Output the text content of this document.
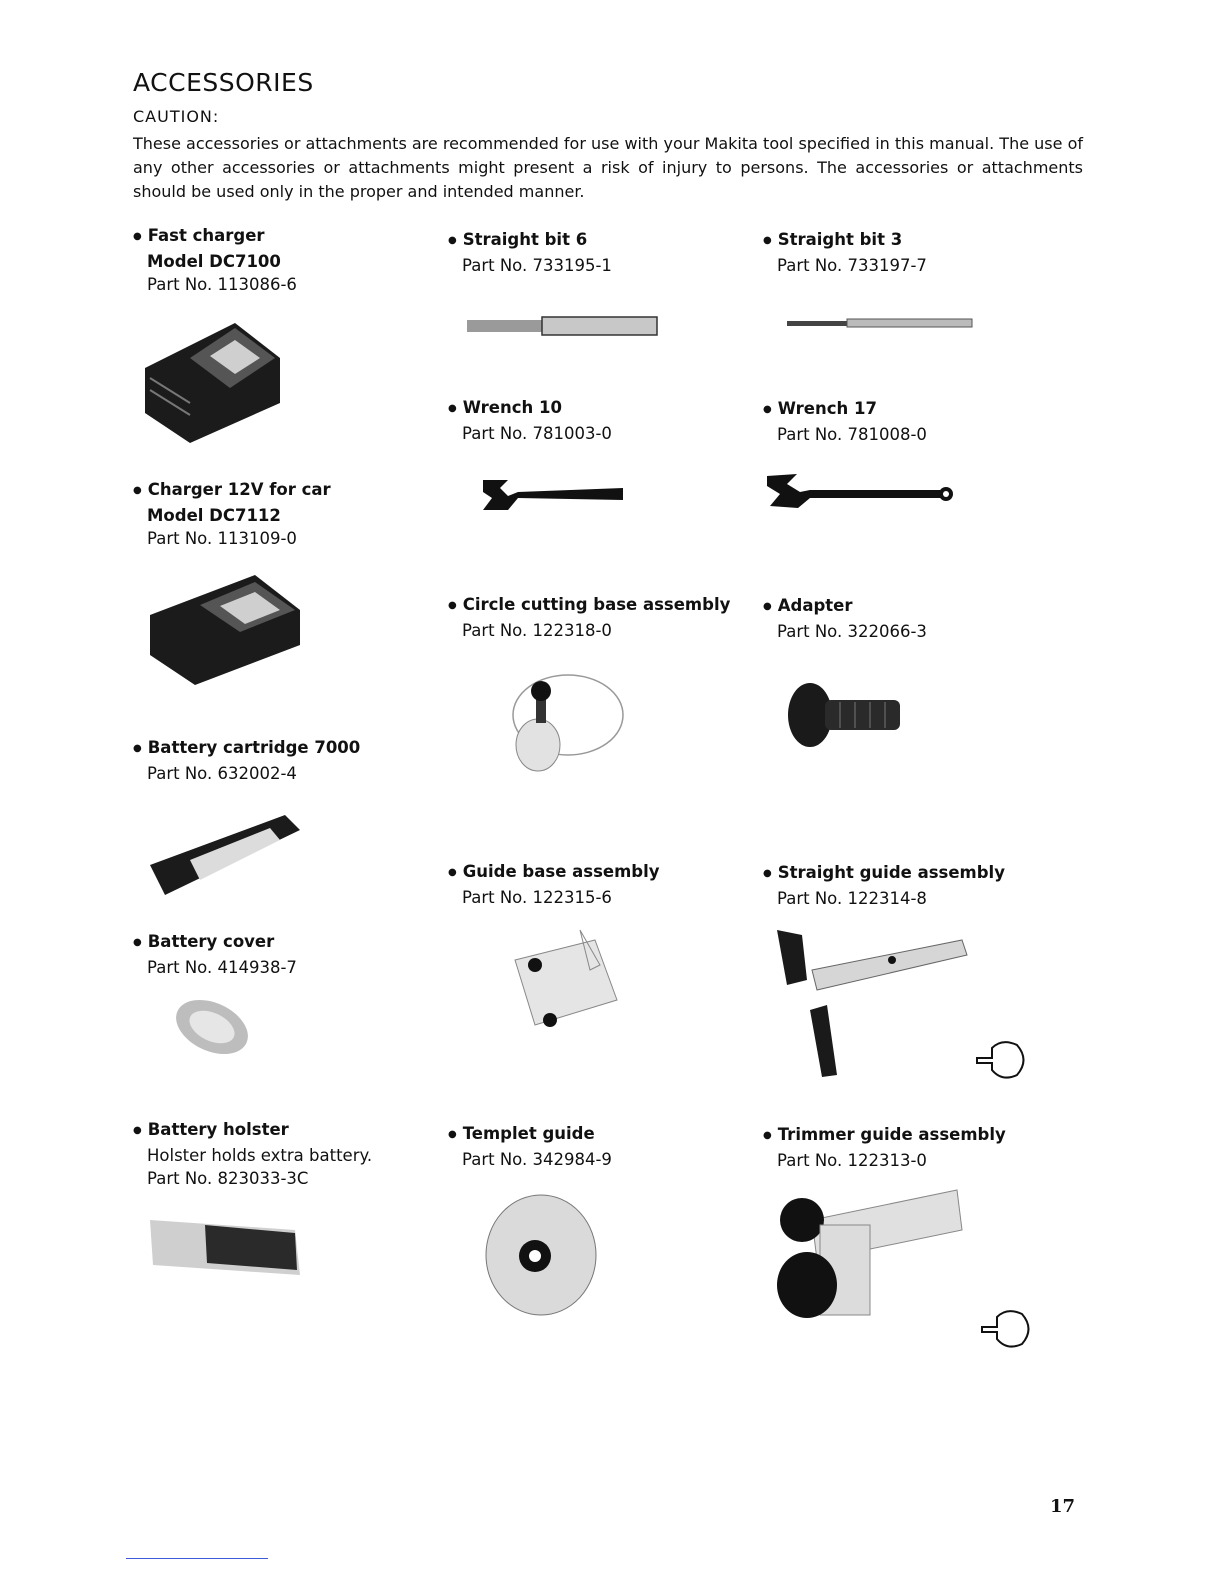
ACCESSORIES
CAUTION:
These accessories or attachments are recommended for use with your Makita tool specified in this manual. The use of any other accessories or attachments might present a risk of injury to persons. The accessories or attachments should be used only in the proper and intended manner.
● Fast charger
Model DC7100
Part No. 113086-6
● Charger 12V for car
Model DC7112
Part No. 113109-0
● Battery cartridge 7000
Part No. 632002-4
● Battery cover
Part No. 414938-7
● Battery holster
Holster holds extra battery.
Part No. 823033-3C
● Straight bit 6
Part No. 733195-1
● Wrench 10
Part No. 781003-0
● Circle cutting base assembly
Part No. 122318-0
● Guide base assembly
Part No. 122315-6
● Templet guide
Part No. 342984-9
● Straight bit 3
Part No. 733197-7
● Wrench 17
Part No. 781008-0
● Adapter
Part No. 322066-3
● Straight guide assembly
Part No. 122314-8
● Trimmer guide assembly
Part No. 122313-0
17
